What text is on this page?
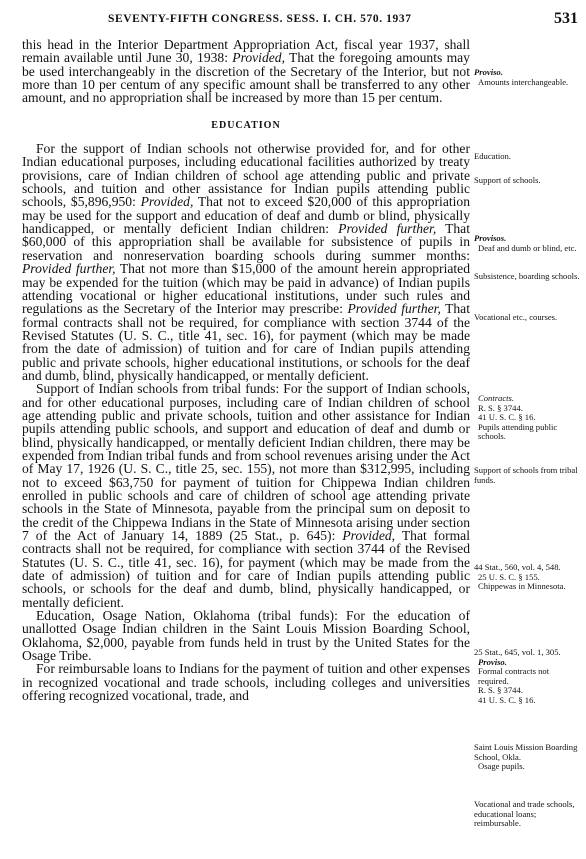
SEVENTY-FIFTH CONGRESS. SESS. I. CH. 570. 1937	531

this head in the Interior Department Appropriation Act, fiscal year 1937, shall remain available until June 30, 1938: Provided, That the foregoing amounts may be used interchangeably in the discretion of the Secretary of the Interior, but not more than 10 per centum of any specific amount shall be transferred to any other amount, and no appropriation shall be increased by more than 15 per centum.

EDUCATION

For the support of Indian schools not otherwise provided for, and for other Indian educational purposes, including educational facilities authorized by treaty provisions, care of Indian children of school age attending public and private schools, and tuition and other assistance for Indian pupils attending public schools, $5,896,950: Provided, That not to exceed $20,000 of this appropriation may be used for the support and education of deaf and dumb or blind, physically handicapped, or mentally deficient Indian children: Provided further, That $60,000 of this appropriation shall be available for subsistence of pupils in reservation and nonreservation boarding schools during summer months: Provided further, That not more than $15,000 of the amount herein appropriated may be expended for the tuition (which may be paid in advance) of Indian pupils attending vocational or higher educational institutions, under such rules and regulations as the Secretary of the Interior may prescribe: Provided further, That formal contracts shall not be required, for compliance with section 3744 of the Revised Statutes (U. S. C., title 41, sec. 16), for payment (which may be made from the date of admission) of tuition and for care of Indian pupils attending public and private schools, higher educational institutions, or schools for the deaf and dumb, blind, physically handicapped, or mentally deficient.

Support of Indian schools from tribal funds: For the support of Indian schools, and for other educational purposes, including care of Indian children of school age attending public and private schools, tuition and other assistance for Indian pupils attending public schools, and support and education of deaf and dumb or blind, physically handicapped, or mentally deficient Indian children, there may be expended from Indian tribal funds and from school revenues arising under the Act of May 17, 1926 (U. S. C., title 25, sec. 155), not more than $312,995, including not to exceed $63,750 for payment of tuition for Chippewa Indian children enrolled in public schools and care of children of school age attending private schools in the State of Minnesota, payable from the principal sum on deposit to the credit of the Chippewa Indians in the State of Minnesota arising under section 7 of the Act of January 14, 1889 (25 Stat., p. 645): Provided, That formal contracts shall not be required, for compliance with section 3744 of the Revised Statutes (U. S. C., title 41, sec. 16), for payment (which may be made from the date of admission) of tuition and for care of Indian pupils attending public schools, or schools for the deaf and dumb, blind, physically handicapped, or mentally deficient.

Education, Osage Nation, Oklahoma (tribal funds): For the education of unallotted Osage Indian children in the Saint Louis Mission Boarding School, Oklahoma, $2,000, payable from funds held in trust by the United States for the Osage Tribe.

For reimbursable loans to Indians for the payment of tuition and other expenses in recognized vocational and trade schools, including colleges and universities offering recognized vocational, trade, and

Proviso.
Amounts interchangeable.
Education.
Support of schools.
Provisos.
Deaf and dumb or blind, etc.
Subsistence, boarding schools.
Vocational etc., courses.
Contracts.
R. S. § 3744.
41 U. S. C. § 16.
Pupils attending public schools.
Support of schools from tribal funds.
44 Stat., 560, vol. 4, 548.
25 U. S. C. § 155.
Chippewas in Minnesota.
25 Stat., 645, vol. 1, 305.
Proviso.
Formal contracts not required.
R. S. § 3744.
41 U. S. C. § 16.
Saint Louis Mission Boarding School, Okla.
Osage pupils.
Vocational and trade schools, educational loans; reimbursable.
